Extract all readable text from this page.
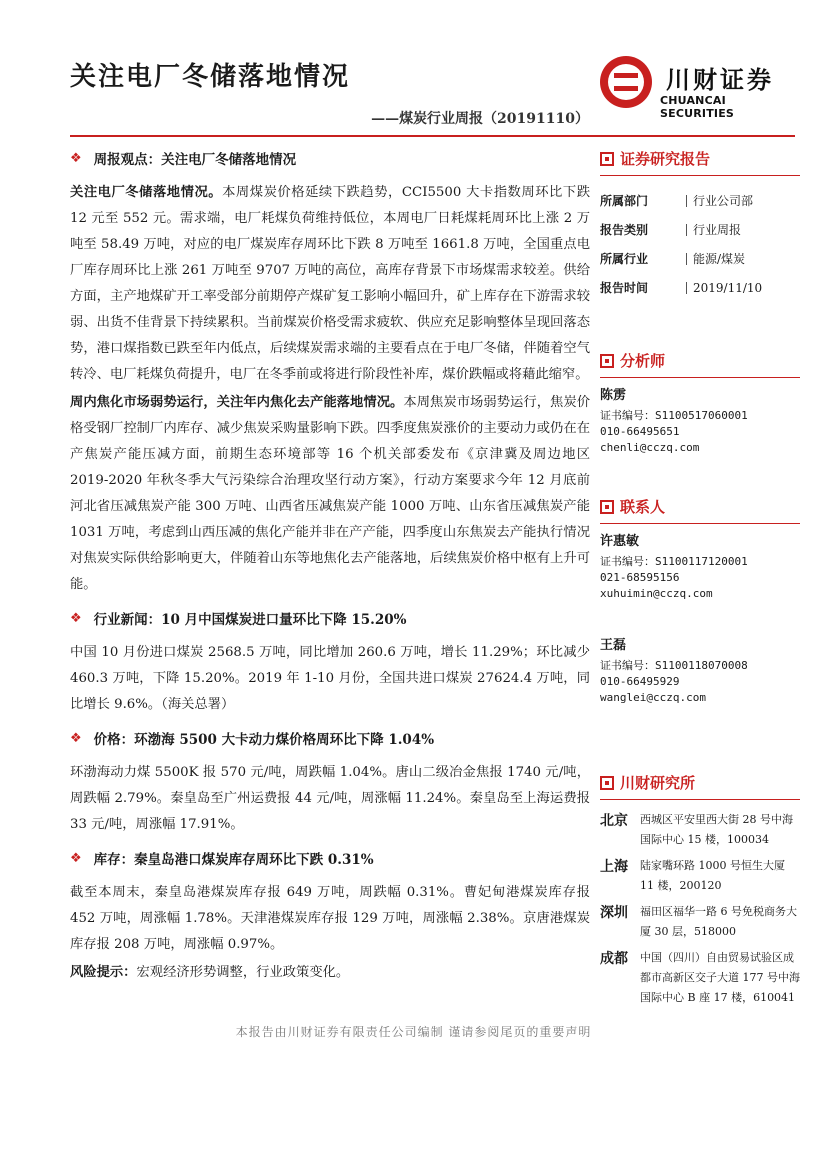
关注电厂冬储落地情况
——煤炭行业周报（20191110）
川财证券
CHUANCAI SECURITIES
❖ 周报观点：关注电厂冬储落地情况

关注电厂冬储落地情况。本周煤炭价格延续下跌趋势，CCI5500 大卡指数周环比下跌 12 元至 552 元。需求端，电厂耗煤负荷维持低位，本周电厂日耗煤耗周环比上涨 2 万吨至 58.49 万吨，对应的电厂煤炭库存周环比下跌 8 万吨至 1661.8 万吨，全国重点电厂库存周环比上涨 261 万吨至 9707 万吨的高位，高库存背景下市场煤需求较差。供给方面，主产地煤矿开工率受部分前期停产煤矿复工影响小幅回升，矿上库存在下游需求较弱、出货不佳背景下持续累积。当前煤炭价格受需求疲软、供应充足影响整体呈现回落态势，港口煤指数已跌至年内低点，后续煤炭需求端的主要看点在于电厂冬储，伴随着空气转冷、电厂耗煤负荷提升，电厂在冬季前或将进行阶段性补库，煤价跌幅或将藉此缩窄。

周内焦化市场弱势运行，关注年内焦化去产能落地情况。本周焦炭市场弱势运行，焦炭价格受钢厂控制厂内库存、减少焦炭采购量影响下跌。四季度焦炭涨价的主要动力或仍在在产焦炭产能压减方面，前期生态环境部等 16 个机关部委发布《京津冀及周边地区 2019-2020 年秋冬季大气污染综合治理攻坚行动方案》，行动方案要求今年 12 月底前河北省压减焦炭产能 300 万吨、山西省压减焦炭产能 1000 万吨、山东省压减焦炭产能 1031 万吨，考虑到山西压减的焦化产能并非在产产能，四季度山东焦炭去产能执行情况对焦炭实际供给影响更大，伴随着山东等地焦化去产能落地，后续焦炭价格中枢有上升可能。

❖ 行业新闻：10 月中国煤炭进口量环比下降 15.20%

中国 10 月份进口煤炭 2568.5 万吨，同比增加 260.6 万吨，增长 11.29%；环比减少 460.3 万吨，下降 15.20%。2019 年 1-10 月份，全国共进口煤炭 27624.4 万吨，同比增长 9.6%。（海关总署）

❖ 价格：环渤海 5500 大卡动力煤价格周环比下降 1.04%

环渤海动力煤 5500K 报 570 元/吨，周跌幅 1.04%。唐山二级冶金焦报 1740 元/吨，周跌幅 2.79%。秦皇岛至广州运费报 44 元/吨，周涨幅 11.24%。秦皇岛至上海运费报 33 元/吨，周涨幅 17.91%。

❖ 库存：秦皇岛港口煤炭库存周环比下跌 0.31%

截至本周末，秦皇岛港煤炭库存报 649 万吨，周跌幅 0.31%。曹妃甸港煤炭库存报 452 万吨，周涨幅 1.78%。天津港煤炭库存报 129 万吨，周涨幅 2.38%。京唐港煤炭库存报 208 万吨，周涨幅 0.97%。

风险提示：宏观经济形势调整，行业政策变化。

证券研究报告
所属部门	行业公司部
报告类别	行业周报
所属行业	能源/煤炭
报告时间	2019/11/10
分析师
陈雳
证书编号：S1100517060001
010-66495651
chenli@cczq.com
联系人
许惠敏
证书编号：S1100117120001
021-68595156
xuhuimin@cczq.com
王磊
证书编号：S1100118070008
010-66495929
wanglei@cczq.com
川财研究所
北京	西城区平安里西大街 28 号中海国际中心 15 楼，100034
上海	陆家嘴环路 1000 号恒生大厦 11 楼，200120
深圳	福田区福华一路 6 号免税商务大厦 30 层，518000
成都	中国（四川）自由贸易试验区成都市高新区交子大道 177 号中海国际中心 B 座 17 楼，610041
本报告由川财证券有限责任公司编制 谨请参阅尾页的重要声明
